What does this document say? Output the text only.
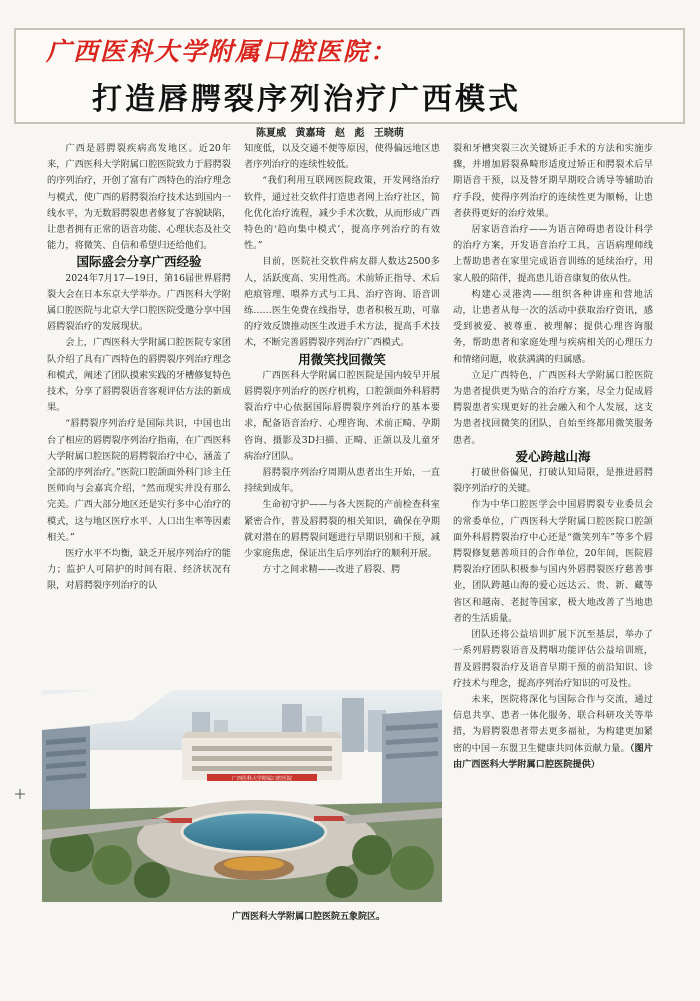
广西医科大学附属口腔医院：
打造唇腭裂序列治疗广西模式
陈夏威 黄嘉琦 赵 彪 王晓萌

广西是唇腭裂疾病高发地区。近20年来，广西医科大学附属口腔医院致力于唇腭裂的序列治疗，开创了富有广西特色的治疗理念与模式，使广西的唇腭裂治疗技术达到国内一线水平，为无数唇腭裂患者修复了容貌缺陷，让患者拥有正常的语音功能、心理状态及社交能力，将微笑、自信和希望归还给他们。

国际盛会分享广西经验

2024年7月17—19日，第16届世界唇腭裂大会在日本东京大学举办。广西医科大学附属口腔医院与北京大学口腔医院受邀分享中国唇腭裂治疗的发展现状。

会上，广西医科大学附属口腔医院专家团队介绍了具有广西特色的唇腭裂序列治疗理念和模式，阐述了团队摸索实践的牙槽修复特色技术，分享了唇腭裂语音客观评估方法的新成果。

“唇腭裂序列治疗是国际共识，中国也出台了相应的唇腭裂序列治疗指南，在广西医科大学附属口腔医院的唇腭裂治疗中心，涵盖了全部的序列治疗。”医院口腔颌面外科门诊主任医师向与会嘉宾介绍，“然而现实并没有那么完美。广西大部分地区还是实行多中心治疗的模式，这与地区医疗水平、人口出生率等因素相关。”

医疗水平不均衡，缺乏开展序列治疗的能力；监护人可陪护的时间有限、经济状况有限，对唇腭裂序列治疗的认

知度低，以及交通不便等原因，使得偏远地区患者序列治疗的连续性较低。

“我们利用互联网医院政策，开发网络治疗软件，通过社交软件打造患者网上治疗社区，简化优化治疗流程，减少手术次数，从而形成广西特色的‘趋向集中模式’，提高序列治疗的有效性。”

目前，医院社交软件病友群人数达2500多人，活跃度高、实用性高。术前矫正指导、术后疤痕管理、喂养方式与工具、治疗咨询、语音训练……医生免费在线指导，患者积极互助，可靠的疗效反馈推动医生改进手术方法，提高手术技术，不断完善唇腭裂序列治疗广西模式。

用微笑找回微笑

广西医科大学附属口腔医院是国内较早开展唇腭裂序列治疗的医疗机构，口腔颌面外科唇腭裂治疗中心依据国际唇腭裂序列治疗的基本要求，配备语音治疗、心理咨询、术前正畸、孕期咨询、摄影及3D扫描、正畸、正颌以及儿童牙病治疗团队。

唇腭裂序列治疗周期从患者出生开始，一直持续到成年。

生命初守护——与各大医院的产前检查科室紧密合作，普及唇腭裂的相关知识，确保在孕期就对潜在的唇腭裂问题进行早期识别和干预，减少家庭焦虑，保证出生后序列治疗的顺利开展。

方寸之间求精——改进了唇裂、腭

裂和牙槽突裂三次关键矫正手术的方法和实施步骤，并增加唇裂鼻畸形适度过矫正和腭裂术后早期语音干预，以及替牙期早期咬合诱导等辅助治疗手段，使得序列治疗的连续性更为顺畅，让患者获得更好的治疗效果。

居家语音治疗——为语言障碍患者设计科学的治疗方案，开发语音治疗工具，言语病理师线上帮助患者在家里完成语音训练的延续治疗，用家人般的陪伴，提高患儿语音康复的依从性。

构建心灵港湾——组织各种讲座和营地活动，让患者从每一次的活动中获取治疗资讯，感受到被爱、被尊重、被理解；提供心理咨询服务，帮助患者和家庭处理与疾病相关的心理压力和情绪问题，收获满满的归属感。

立足广西特色，广西医科大学附属口腔医院为患者提供更为贴合的治疗方案，尽全力促成唇腭裂患者实现更好的社会融入和个人发展，这支为患者找回微笑的团队，自始至终都用微笑服务患者。

爱心跨越山海

打破世俗偏见，打破认知局限，是推进唇腭裂序列治疗的关键。

作为中华口腔医学会中国唇腭裂专业委员会的常委单位，广西医科大学附属口腔医院口腔颌面外科唇腭裂治疗中心还是“微笑列车”等多个唇腭裂修复慈善项目的合作单位，20年间，医院唇腭裂治疗团队积极参与国内外唇腭裂医疗慈善事业，团队跨越山海的爱心远达云、贵、新、藏等省区和越南、老挝等国家，极大地改善了当地患者的生活质量。

团队还将公益培训扩展下沉至基层，举办了一系列唇腭裂语音及腭咽功能评估公益培训班，普及唇腭裂治疗及语音早期干预的前沿知识、诊疗技术与理念，提高序列治疗知识的可及性。

未来，医院将深化与国际合作与交流，通过信息共享、患者一体化服务、联合科研攻关等举措，为唇腭裂患者带去更多福祉，为构建更加紧密的中国－东盟卫生健康共同体贡献力量。（图片由广西医科大学附属口腔医院提供）

广西医科大学附属口腔医院
广西医科大学附属口腔医院五象院区。
